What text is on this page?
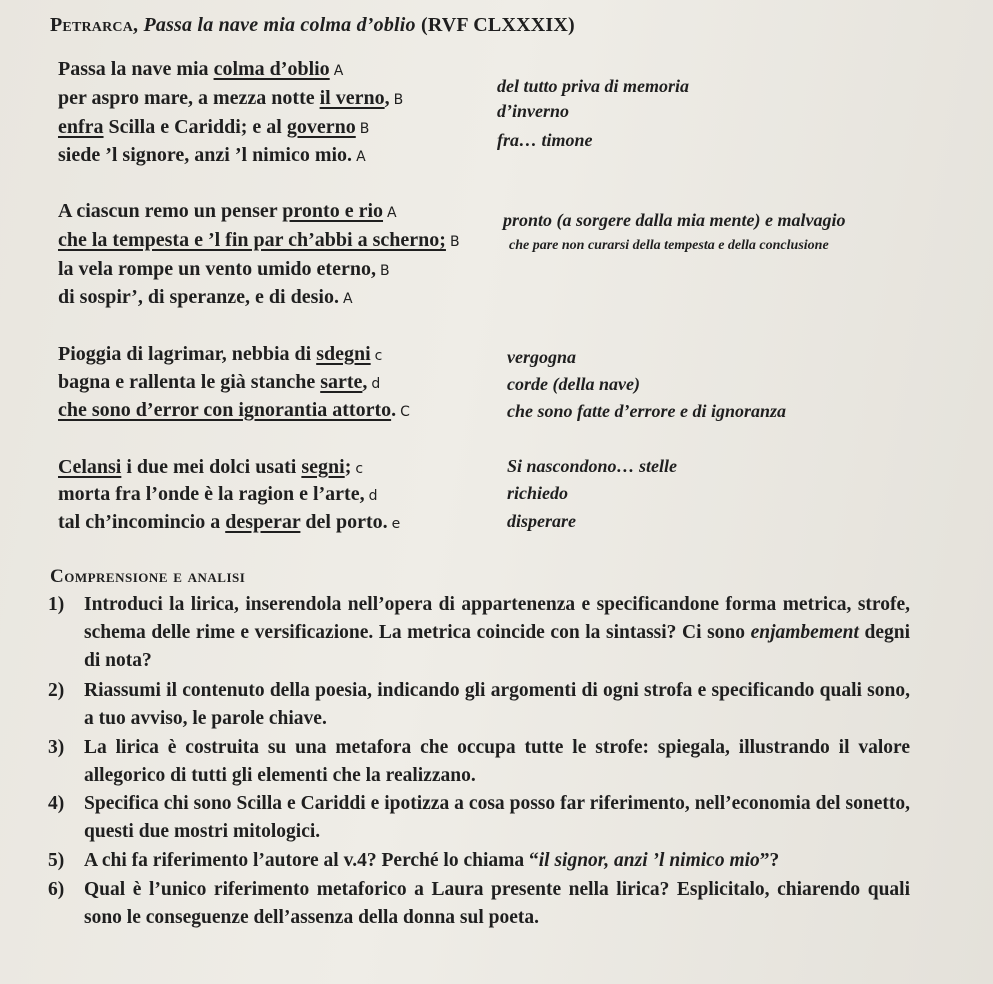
Petrarca, Passa la nave mia colma d’oblio (RVF CLXXXIX)
Passa la nave mia colma d’oblio A
per aspro mare, a mezza notte il verno, B
enfra Scilla e Cariddi; e al governo B
siede ’l signore, anzi ’l nimico mio. A
del tutto priva di memoria
d’inverno
fra… timone
A ciascun remo un penser pronto e rio A
che la tempesta e ’l fin par ch’abbi a scherno; B
la vela rompe un vento umido eterno, B
di sospir’, di speranze, e di desio. A
pronto (a sorgere dalla mia mente) e malvagio
che pare non curarsi della tempesta e della conclusione
Pioggia di lagrimar, nebbia di sdegni c
bagna e rallenta le già stanche sarte, d
che sono d’error con ignorantia attorto. C
vergogna
corde (della nave)
che sono fatte d’errore e di ignoranza
Celansi i due mei dolci usati segni; c
morta fra l’onde è la ragion e l’arte, d
tal ch’incomincio a desperar del porto. e
Si nascondono… stelle
richiedo
disperare
Comprensione e analisi
1) Introduci la lirica, inserendola nell’opera di appartenenza e specificandone forma metrica, strofe, schema delle rime e versificazione. La metrica coincide con la sintassi? Ci sono enjambement degni di nota?
2) Riassumi il contenuto della poesia, indicando gli argomenti di ogni strofa e specificando quali sono, a tuo avviso, le parole chiave.
3) La lirica è costruita su una metafora che occupa tutte le strofe: spiegala, illustrando il valore allegorico di tutti gli elementi che la realizzano.
4) Specifica chi sono Scilla e Cariddi e ipotizza a cosa posso far riferimento, nell’economia del sonetto, questi due mostri mitologici.
5) A chi fa riferimento l’autore al v.4? Perché lo chiama “il signor, anzi ’l nimico mio”?
6) Qual è l’unico riferimento metaforico a Laura presente nella lirica? Esplicitalo, chiarendo quali sono le conseguenze dell’assenza della donna sul poeta.
